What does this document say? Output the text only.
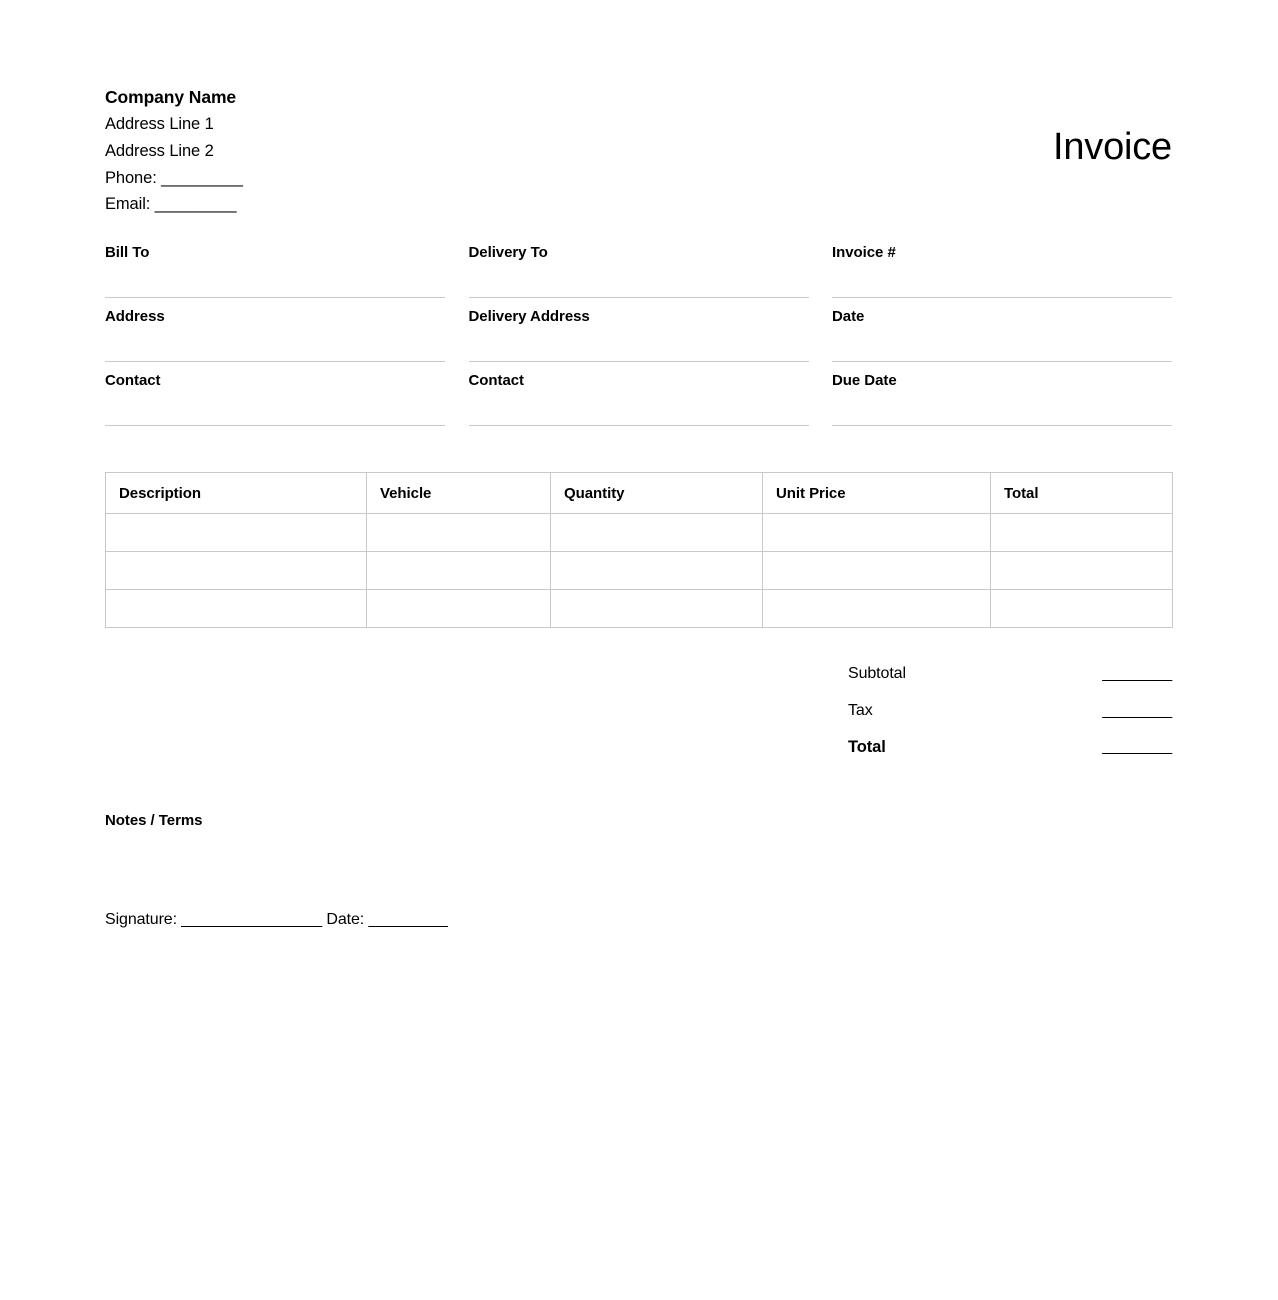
Company Name
Address Line 1
Address Line 2
Phone: _________
Email: _________
Invoice
Bill To	Delivery To	Invoice #
Address	Delivery Address	Date
Contact	Contact	Due Date
Description	Vehicle	Quantity	Unit Price	Total

Subtotal	________
Tax	________
Total	________
Notes / Terms
Signature: ________________ Date: _________
